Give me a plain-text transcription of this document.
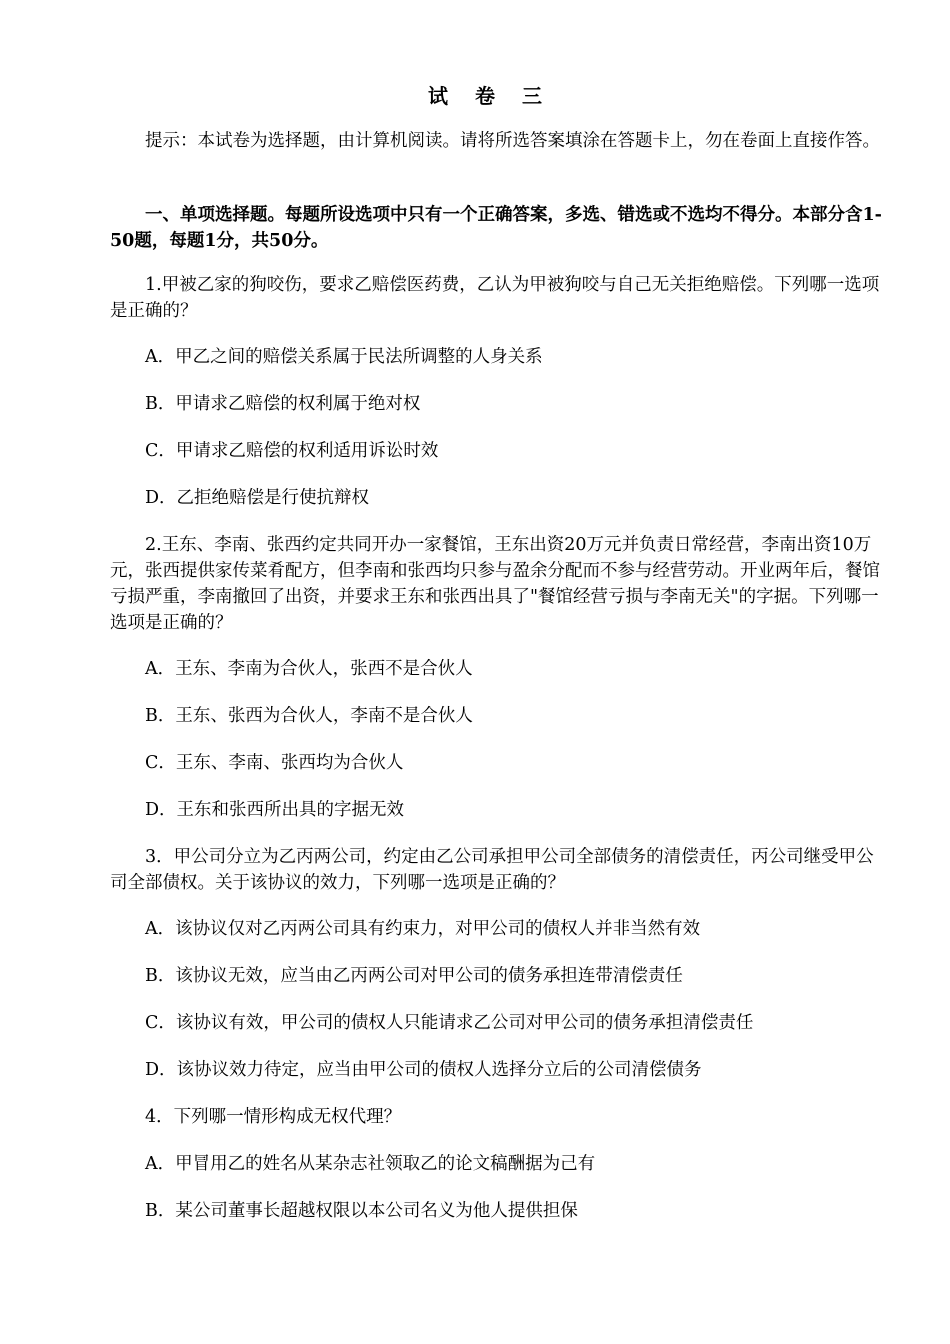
试 卷 三

提示：本试卷为选择题，由计算机阅读。请将所选答案填涂在答题卡上，勿在卷面上直接作答。

一、单项选择题。每题所设选项中只有一个正确答案，多选、错选或不选均不得分。本部分含1-50题，每题1分，共50分。

1.甲被乙家的狗咬伤，要求乙赔偿医药费，乙认为甲被狗咬与自己无关拒绝赔偿。下列哪一选项是正确的？

A．甲乙之间的赔偿关系属于民法所调整的人身关系

B．甲请求乙赔偿的权利属于绝对权

C．甲请求乙赔偿的权利适用诉讼时效

D．乙拒绝赔偿是行使抗辩权

2.王东、李南、张西约定共同开办一家餐馆，王东出资20万元并负责日常经营，李南出资10万元，张西提供家传菜肴配方，但李南和张西均只参与盈余分配而不参与经营劳动。开业两年后，餐馆亏损严重，李南撤回了出资，并要求王东和张西出具了"餐馆经营亏损与李南无关"的字据。下列哪一选项是正确的？

A．王东、李南为合伙人，张西不是合伙人

B．王东、张西为合伙人，李南不是合伙人

C．王东、李南、张西均为合伙人

D．王东和张西所出具的字据无效

3．甲公司分立为乙丙两公司，约定由乙公司承担甲公司全部债务的清偿责任，丙公司继受甲公司全部债权。关于该协议的效力，下列哪一选项是正确的？

A．该协议仅对乙丙两公司具有约束力，对甲公司的债权人并非当然有效

B．该协议无效，应当由乙丙两公司对甲公司的债务承担连带清偿责任

C．该协议有效，甲公司的债权人只能请求乙公司对甲公司的债务承担清偿责任

D．该协议效力待定，应当由甲公司的债权人选择分立后的公司清偿债务

4．下列哪一情形构成无权代理？

A．甲冒用乙的姓名从某杂志社领取乙的论文稿酬据为己有

B．某公司董事长超越权限以本公司名义为他人提供担保
